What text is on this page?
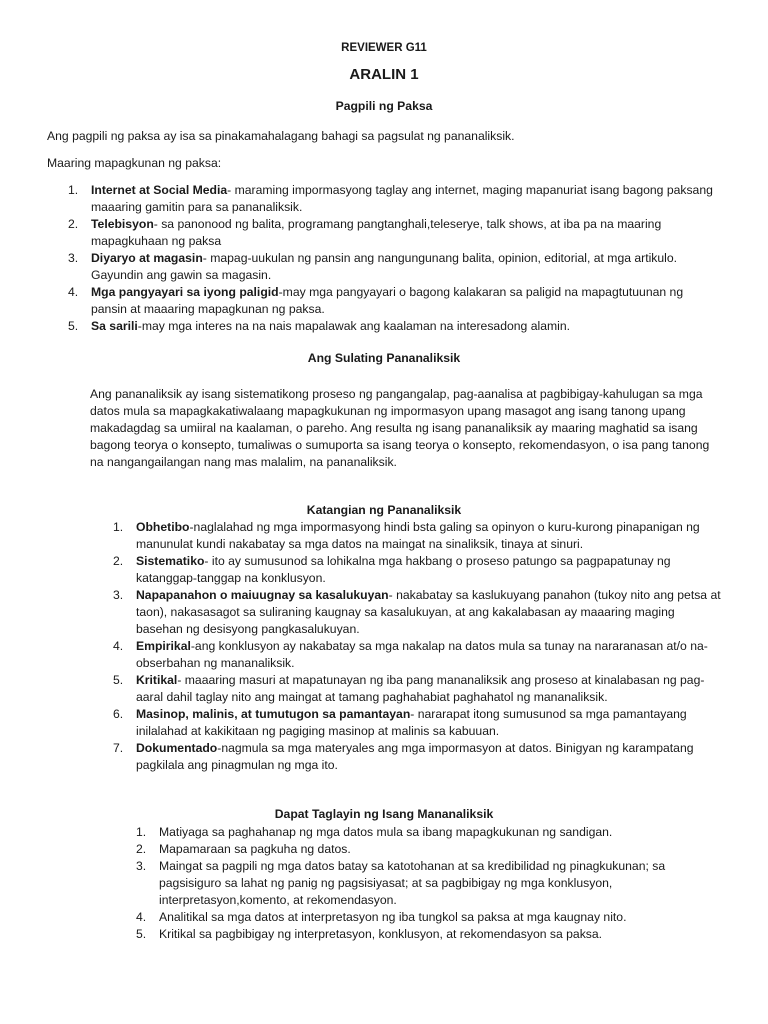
REVIEWER G11
ARALIN 1
Pagpili ng Paksa

Ang pagpili ng paksa ay isa sa pinakamahalagang bahagi sa pagsulat ng pananaliksik.

Maaring mapagkunan ng paksa:

1. Internet at Social Media- maraming impormasyong taglay ang internet, maging mapanuriat isang bagong paksang maaaring gamitin para sa pananaliksik.
2. Telebisyon- sa panonood ng balita, programang pangtanghali,teleserye, talk shows, at iba pa na maaring mapagkuhaan ng paksa
3. Diyaryo at magasin- mapag-uukulan ng pansin ang nangungunang balita, opinion, editorial, at mga artikulo. Gayundin ang gawin sa magasin.
4. Mga pangyayari sa iyong paligid-may mga pangyayari o bagong kalakaran sa paligid na mapagtutuunan ng pansin at maaaring mapagkunan ng paksa.
5. Sa sarili-may mga interes na na nais mapalawak ang kaalaman na interesadong alamin.
Ang Sulating Pananaliksik

Ang pananaliksik ay isang sistematikong proseso ng pangangalap, pag-aanalisa at pagbibigay-kahulugan sa mga datos mula sa mapagkakatiwalaang mapagkukunan ng impormasyon upang masagot ang isang tanong upang makadagdag sa umiiral na kaalaman, o pareho. Ang resulta ng isang pananaliksik ay maaring maghatid sa isang bagong teorya o konsepto, tumaliwas o sumuporta sa isang teorya o konsepto, rekomendasyon, o isa pang tanong na nangangailangan nang mas malalim, na pananaliksik.

Katangian ng Pananaliksik
1. Obhetibo-naglalahad ng mga impormasyong hindi bsta galing sa opinyon o kuru-kurong pinapanigan ng manunulat kundi nakabatay sa mga datos na maingat na sinaliksik, tinaya at sinuri.
2. Sistematiko- ito ay sumusunod sa lohikalna mga hakbang o proseso patungo sa pagpapatunay ng katanggap-tanggap na konklusyon.
3. Napapanahon o maiuugnay sa kasalukuyan- nakabatay sa kaslukuyang panahon (tukoy nito ang petsa at taon), nakasasagot sa suliraning kaugnay sa kasalukuyan, at ang kakalabasan ay maaaring maging basehan ng desisyong pangkasalukuyan.
4. Empirikal-ang konklusyon ay nakabatay sa mga nakalap na datos mula sa tunay na nararanasan at/o na-obserbahan ng mananaliksik.
5. Kritikal- maaaring masuri at mapatunayan ng iba pang mananaliksik ang proseso at kinalabasan ng pag-aaral dahil taglay nito ang maingat at tamang paghahabiat paghahatol ng mananaliksik.
6. Masinop, malinis, at tumutugon sa pamantayan- nararapat itong sumusunod sa mga pamantayang inilalahad at kakikitaan ng pagiging masinop at malinis sa kabuuan.
7. Dokumentado-nagmula sa mga materyales ang mga impormasyon at datos. Binigyan ng karampatang pagkilala ang pinagmulan ng mga ito.
Dapat Taglayin ng Isang Mananaliksik
1. Matiyaga sa paghahanap ng mga datos mula sa ibang mapagkukunan ng sandigan.
2. Mapamaraan sa pagkuha ng datos.
3. Maingat sa pagpili ng mga datos batay sa katotohanan at sa kredibilidad ng pinagkukunan; sa pagsisiguro sa lahat ng panig ng pagsisiyasat; at sa pagbibigay ng mga konklusyon, interpretasyon,komento, at rekomendasyon.
4. Analitikal sa mga datos at interpretasyon ng iba tungkol sa paksa at mga kaugnay nito.
5. Kritikal sa pagbibigay ng interpretasyon, konklusyon, at rekomendasyon sa paksa.
